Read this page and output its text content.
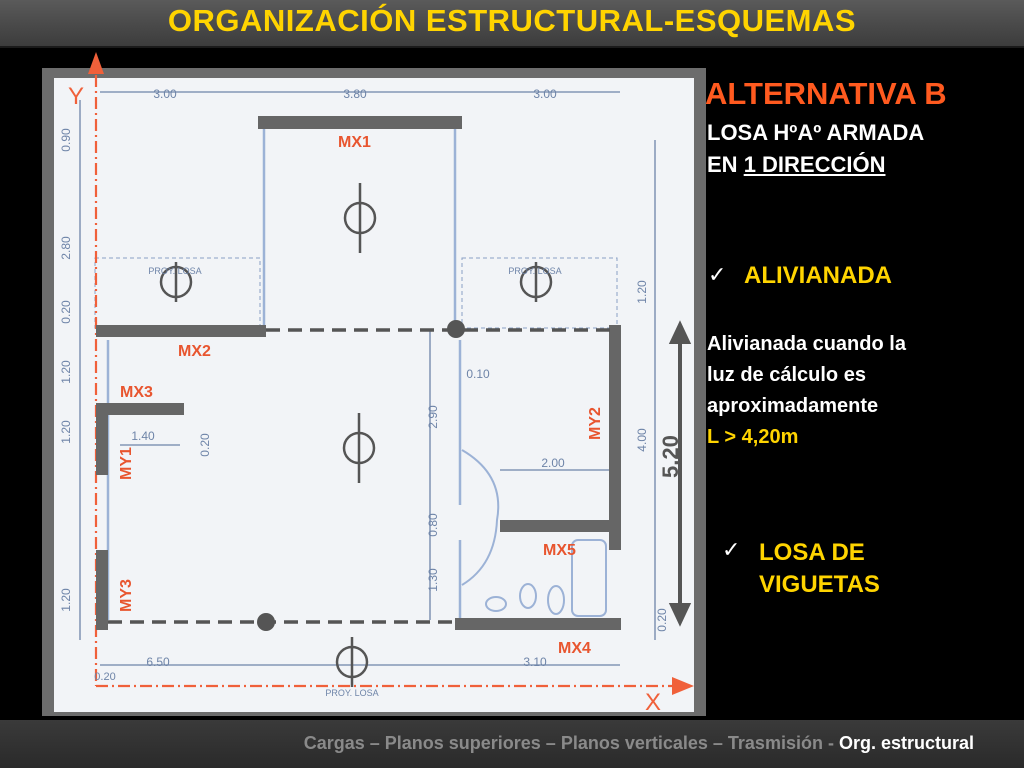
ORGANIZACIÓN ESTRUCTURAL-ESQUEMAS
3.00	3.80	3.00
0.90
2.80
0.20
1.20
1.20
1.20
1.20
4.00
0.20
6.50	3.10
0.20
0.10
2.90
2.00
0.80
1.30
1.40	0.20
PROY. LOSA	PROY. LOSA
PROY. LOSA
Y
X
MX1
MX2
MX3
MY1
MY2
MY3
MX4
MX5
5,20
ALTERNATIVA B
LOSA HºAº ARMADA
EN 1 DIRECCIÓN
✓ ALIVIANADA
Alivianada cuando la
luz de cálculo es
aproximadamente
L > 4,20m
✓ LOSA DE VIGUETAS
Cargas – Planos superiores – Planos verticales – Trasmisión - Org. estructural
